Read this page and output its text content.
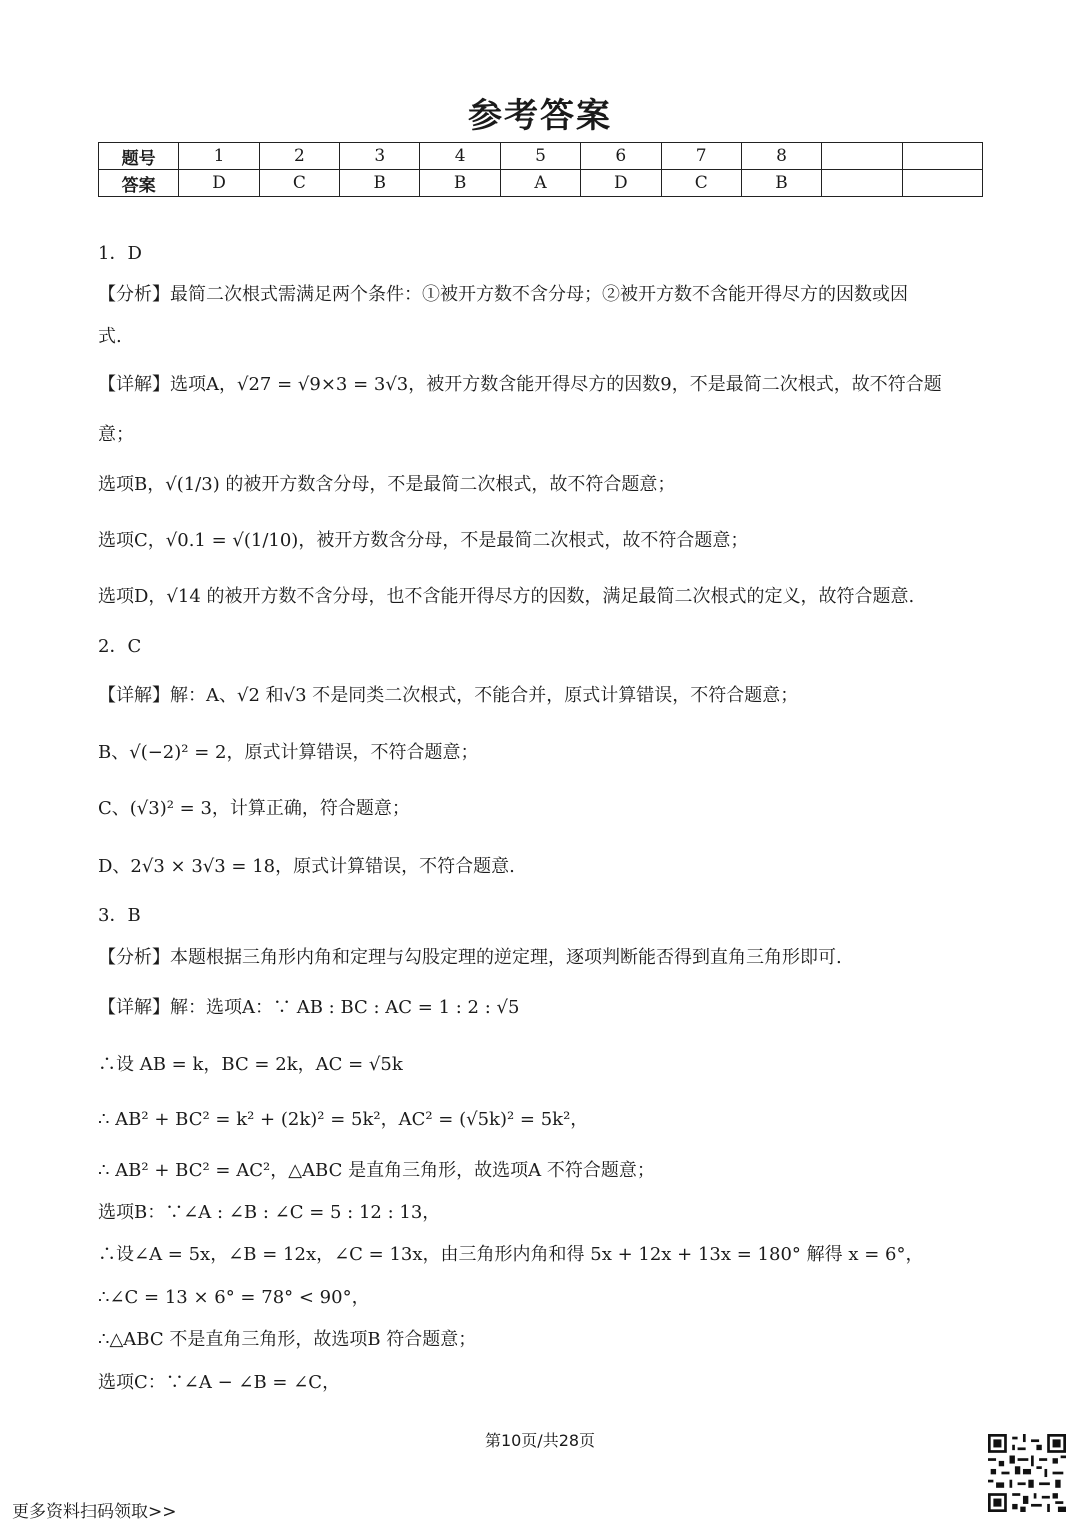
参考答案
题号	1	2	3	4	5	6	7	8		
答案	D	C	B	B	A	D	C	B		
1．D
【分析】最简二次根式需满足两个条件：①被开方数不含分母；②被开方数不含能开得尽方的因数或因
式.
【详解】选项A，√27 = √9×3 = 3√3，被开方数含能开得尽方的因数9，不是最简二次根式，故不符合题
意；
选项B，√(1/3) 的被开方数含分母，不是最简二次根式，故不符合题意；
选项C，√0.1 = √(1/10)，被开方数含分母，不是最简二次根式，故不符合题意；
选项D，√14 的被开方数不含分母，也不含能开得尽方的因数，满足最简二次根式的定义，故符合题意.
2．C
【详解】解：A、√2 和√3 不是同类二次根式，不能合并，原式计算错误，不符合题意；
B、√(−2)² = 2，原式计算错误，不符合题意；
C、(√3)² = 3，计算正确，符合题意；
D、2√3 × 3√3 = 18，原式计算错误，不符合题意.
3．B
【分析】本题根据三角形内角和定理与勾股定理的逆定理，逐项判断能否得到直角三角形即可.
【详解】解：选项A：∵ AB : BC : AC = 1 : 2 : √5
∴设 AB = k，BC = 2k，AC = √5k
∴ AB² + BC² = k² + (2k)² = 5k²，AC² = (√5k)² = 5k²，
∴ AB² + BC² = AC²，△ABC 是直角三角形，故选项A 不符合题意；
选项B：∵∠A : ∠B : ∠C = 5 : 12 : 13，
∴设∠A = 5x，∠B = 12x，∠C = 13x，由三角形内角和得 5x + 12x + 13x = 180° 解得 x = 6°，
∴∠C = 13 × 6° = 78° < 90°，
∴△ABC 不是直角三角形，故选项B 符合题意；
选项C：∵∠A − ∠B = ∠C，
第10页/共28页
更多资料扫码领取>>
